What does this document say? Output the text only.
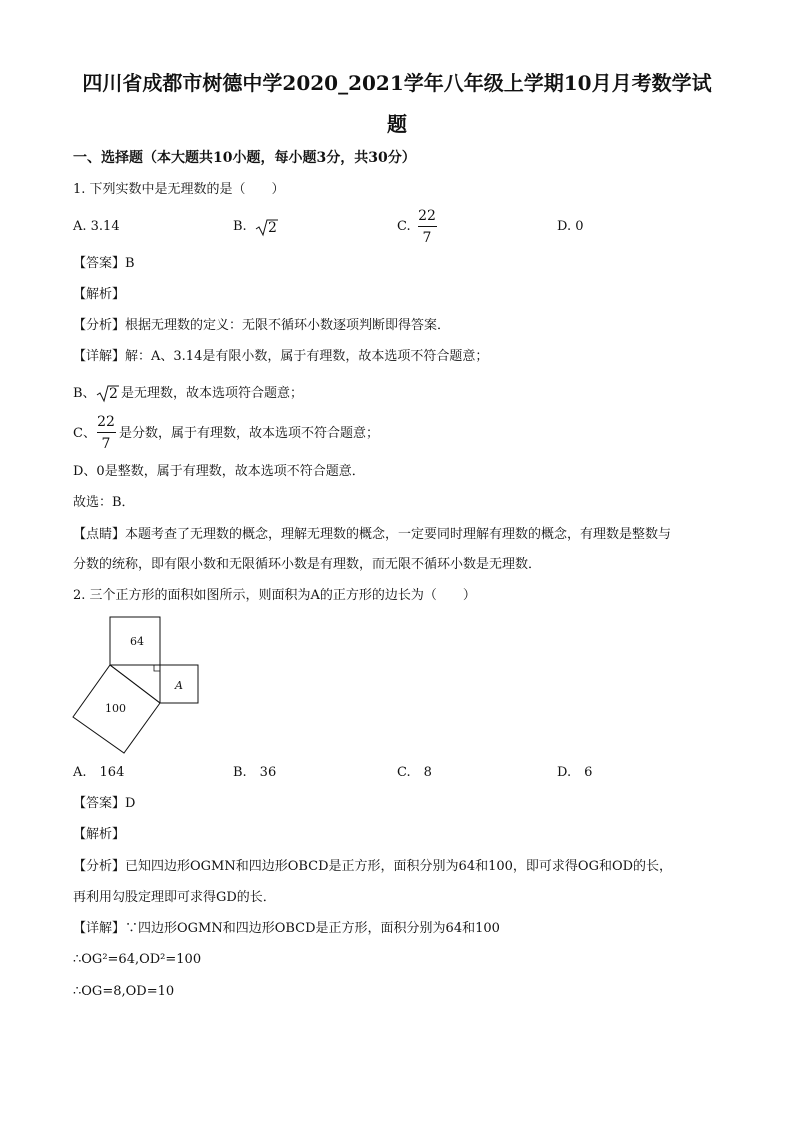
四川省成都市树德中学2020_2021学年八年级上学期10月月考数学试
题
一、选择题（本大题共10小题，每小题3分，共30分）
1. 下列实数中是无理数的是（　　）
A. 3.14	B. 2	C.
22
7
D. 0
【答案】B
【解析】
【分析】根据无理数的定义：无限不循环小数逐项判断即得答案．
【详解】解：A、3.14是有限小数，属于有理数，故本选项不符合题意；
B、 2 是无理数，故本选项符合题意；
C、
22
7
是分数，属于有理数，故本选项不符合题意；
D、0是整数，属于有理数，故本选项不符合题意．
故选：B．
【点睛】本题考查了无理数的概念，理解无理数的概念，一定要同时理解有理数的概念，有理数是整数与
分数的统称，即有限小数和无限循环小数是有理数，而无限不循环小数是无理数．
2. 三个正方形的面积如图所示，则面积为A的正方形的边长为（　　）
64
A
100
A.　164	B.　36	C.　8	D.　6
【答案】D
【解析】
【分析】已知四边形OGMN和四边形OBCD是正方形，面积分别为64和100，即可求得OG和OD的长，
再利用勾股定理即可求得GD的长．
【详解】∵四边形OGMN和四边形OBCD是正方形，面积分别为64和100
∴OG²=64,OD²=100
∴OG=8,OD=10
